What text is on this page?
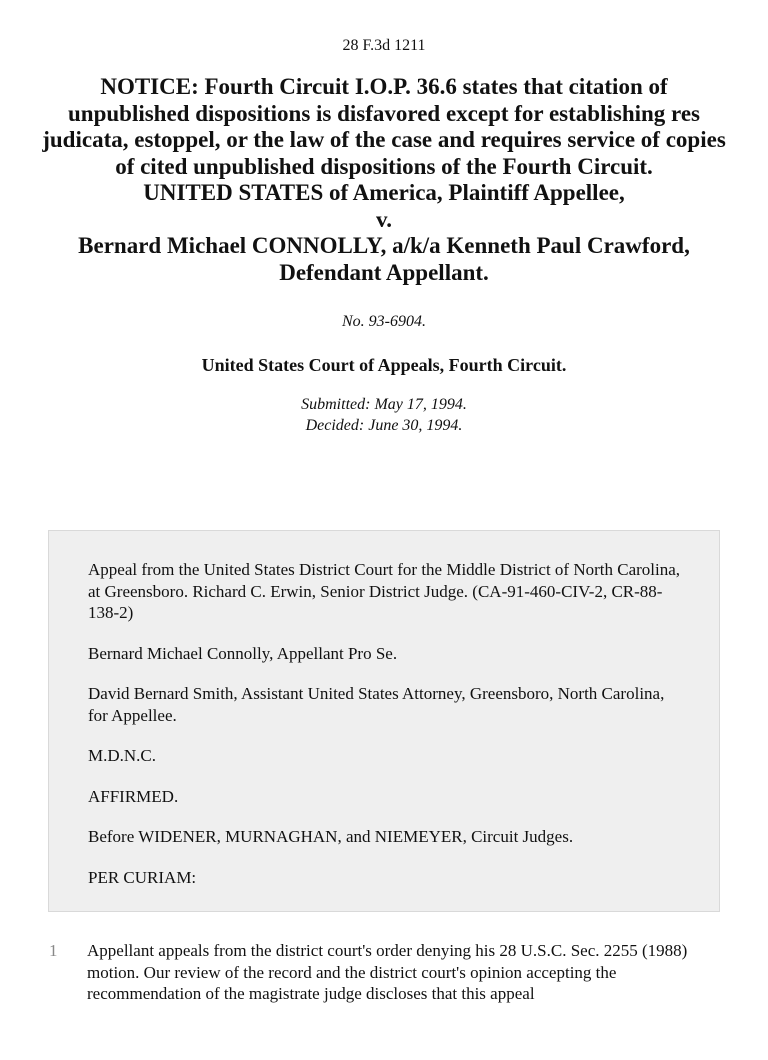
28 F.3d 1211
NOTICE: Fourth Circuit I.O.P. 36.6 states that citation of unpublished dispositions is disfavored except for establishing res judicata, estoppel, or the law of the case and requires service of copies of cited unpublished dispositions of the Fourth Circuit.
UNITED STATES of America, Plaintiff Appellee,
v.
Bernard Michael CONNOLLY, a/k/a Kenneth Paul Crawford, Defendant Appellant.
No. 93-6904.
United States Court of Appeals, Fourth Circuit.
Submitted: May 17, 1994.
Decided: June 30, 1994.

Appeal from the United States District Court for the Middle District of North Carolina, at Greensboro. Richard C. Erwin, Senior District Judge. (CA-91-460-CIV-2, CR-88-138-2)

Bernard Michael Connolly, Appellant Pro Se.

David Bernard Smith, Assistant United States Attorney, Greensboro, North Carolina, for Appellee.

M.D.N.C.

AFFIRMED.

Before WIDENER, MURNAGHAN, and NIEMEYER, Circuit Judges.

PER CURIAM:

1 Appellant appeals from the district court's order denying his 28 U.S.C. Sec. 2255 (1988) motion. Our review of the record and the district court's opinion accepting the recommendation of the magistrate judge discloses that this appeal
